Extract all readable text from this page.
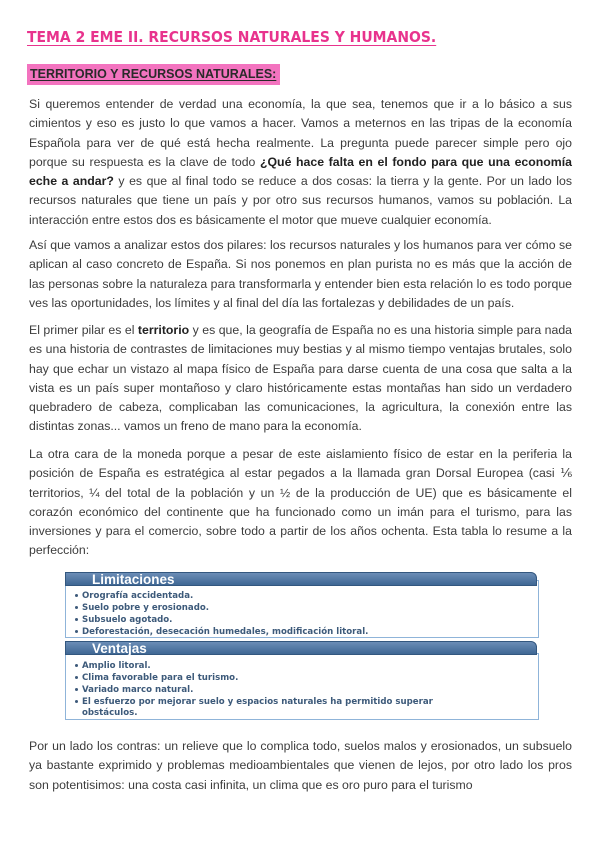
TEMA 2 EME II. RECURSOS NATURALES Y HUMANOS.
TERRITORIO Y RECURSOS NATURALES:

Si queremos entender de verdad una economía, la que sea, tenemos que ir a lo básico a sus cimientos y eso es justo lo que vamos a hacer. Vamos a meternos en las tripas de la economía Española para ver de qué está hecha realmente. La pregunta puede parecer simple pero ojo porque su respuesta es la clave de todo ¿Qué hace falta en el fondo para que una economía eche a andar? y es que al final todo se reduce a dos cosas: la tierra y la gente. Por un lado los recursos naturales que tiene un país y por otro sus recursos humanos, vamos su población. La interacción entre estos dos es básicamente el motor que mueve cualquier economía.

Así que vamos a analizar estos dos pilares: los recursos naturales y los humanos para ver cómo se aplican al caso concreto de España. Si nos ponemos en plan purista no es más que la acción de las personas sobre la naturaleza para transformarla y entender bien esta relación lo es todo porque ves las oportunidades, los límites y al final del día las fortalezas y debilidades de un país.

El primer pilar es el territorio y es que, la geografía de España no es una historia simple para nada es una historia de contrastes de limitaciones muy bestias y al mismo tiempo ventajas brutales, solo hay que echar un vistazo al mapa físico de España para darse cuenta de una cosa que salta a la vista es un país super montañoso y claro históricamente estas montañas han sido un verdadero quebradero de cabeza, complicaban las comunicaciones, la agricultura, la conexión entre las distintas zonas... vamos un freno de mano para la economía.

La otra cara de la moneda porque a pesar de este aislamiento físico de estar en la periferia la posición de España es estratégica al estar pegados a la llamada gran Dorsal Europea (casi ⅙ territorios, ¼ del total de la población y un ½ de la producción de UE) que es básicamente el corazón económico del continente que ha funcionado como un imán para el turismo, para las inversiones y para el comercio, sobre todo a partir de los años ochenta. Esta tabla lo resume a la perfección:

Orografía accidentada.
Suelo pobre y erosionado.
Subsuelo agotado.
Deforestación, desecación humedales, modificación litoral.
Limitaciones
Amplio litoral.
Clima favorable para el turismo.
Variado marco natural.
El esfuerzo por mejorar suelo y espacios naturales ha permitido superar obstáculos.
Ventajas

Por un lado los contras: un relieve que lo complica todo, suelos malos y erosionados, un subsuelo ya bastante exprimido y problemas medioambientales que vienen de lejos, por otro lado los pros son potentisimos: una costa casi infinita, un clima que es oro puro para el turismo
